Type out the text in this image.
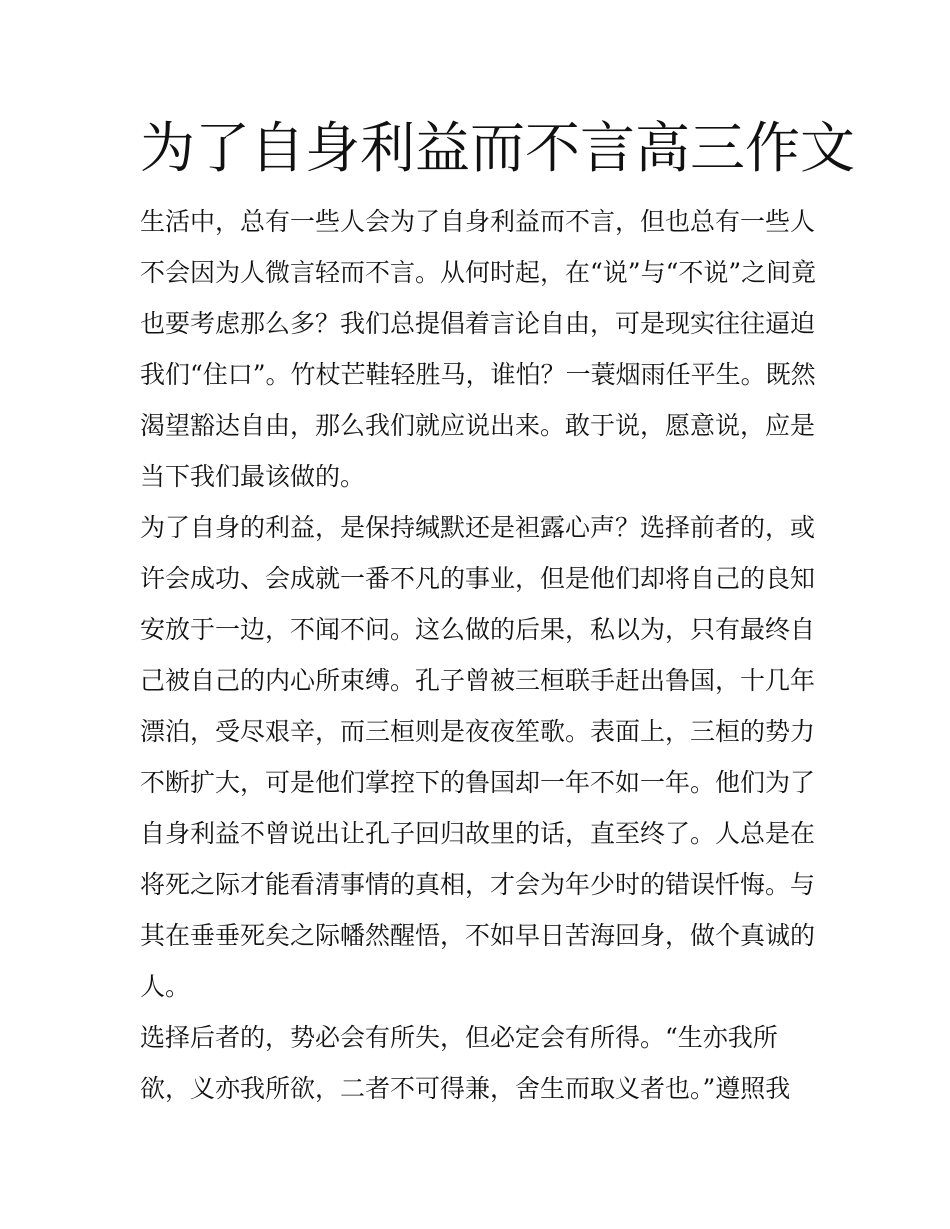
为了自身利益而不言高三作文
生活中，总有一些人会为了自身利益而不言，但也总有一些人
不会因为人微言轻而不言。从何时起，在“说”与“不说”之间竟
也要考虑那么多？我们总提倡着言论自由，可是现实往往逼迫
我们“住口”。竹杖芒鞋轻胜马，谁怕？一蓑烟雨任平生。既然
渴望豁达自由，那么我们就应说出来。敢于说，愿意说，应是
当下我们最该做的。
为了自身的利益，是保持缄默还是袒露心声？选择前者的，或
许会成功、会成就一番不凡的事业，但是他们却将自己的良知
安放于一边，不闻不问。这么做的后果，私以为，只有最终自
己被自己的内心所束缚。孔子曾被三桓联手赶出鲁国，十几年
漂泊，受尽艰辛，而三桓则是夜夜笙歌。表面上，三桓的势力
不断扩大，可是他们掌控下的鲁国却一年不如一年。他们为了
自身利益不曾说出让孔子回归故里的话，直至终了。人总是在
将死之际才能看清事情的真相，才会为年少时的错误忏悔。与
其在垂垂死矣之际幡然醒悟，不如早日苦海回身，做个真诚的
人。
选择后者的，势必会有所失，但必定会有所得。“生亦我所
欲，义亦我所欲，二者不可得兼，舍生而取义者也。”遵照我
